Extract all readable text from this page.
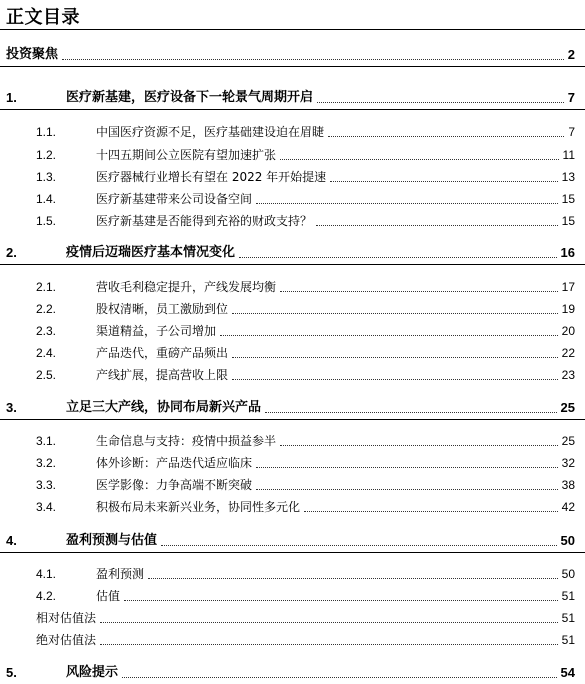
正文目录
投资聚焦	2
1.	医疗新基建，医疗设备下一轮景气周期开启	7
1.1.	中国医疗资源不足，医疗基础建设迫在眉睫	7
1.2.	十四五期间公立医院有望加速扩张	11
1.3.	医疗器械行业增长有望在 2022 年开始提速	13
1.4.	医疗新基建带来公司设备空间	15
1.5.	医疗新基建是否能得到充裕的财政支持？	15
2.	疫情后迈瑞医疗基本情况变化	16
2.1.	营收毛利稳定提升，产线发展均衡	17
2.2.	股权清晰，员工激励到位	19
2.3.	渠道精益，子公司增加	20
2.4.	产品迭代，重磅产品频出	22
2.5.	产线扩展，提高营收上限	23
3.	立足三大产线，协同布局新兴产品	25
3.1.	生命信息与支持：疫情中损益参半	25
3.2.	体外诊断：产品迭代适应临床	32
3.3.	医学影像：力争高端不断突破	38
3.4.	积极布局未来新兴业务，协同性多元化	42
4.	盈利预测与估值	50
4.1.	盈利预测	50
4.2.	估值	51
相对估值法	51
绝对估值法	51
5.	风险提示	54
